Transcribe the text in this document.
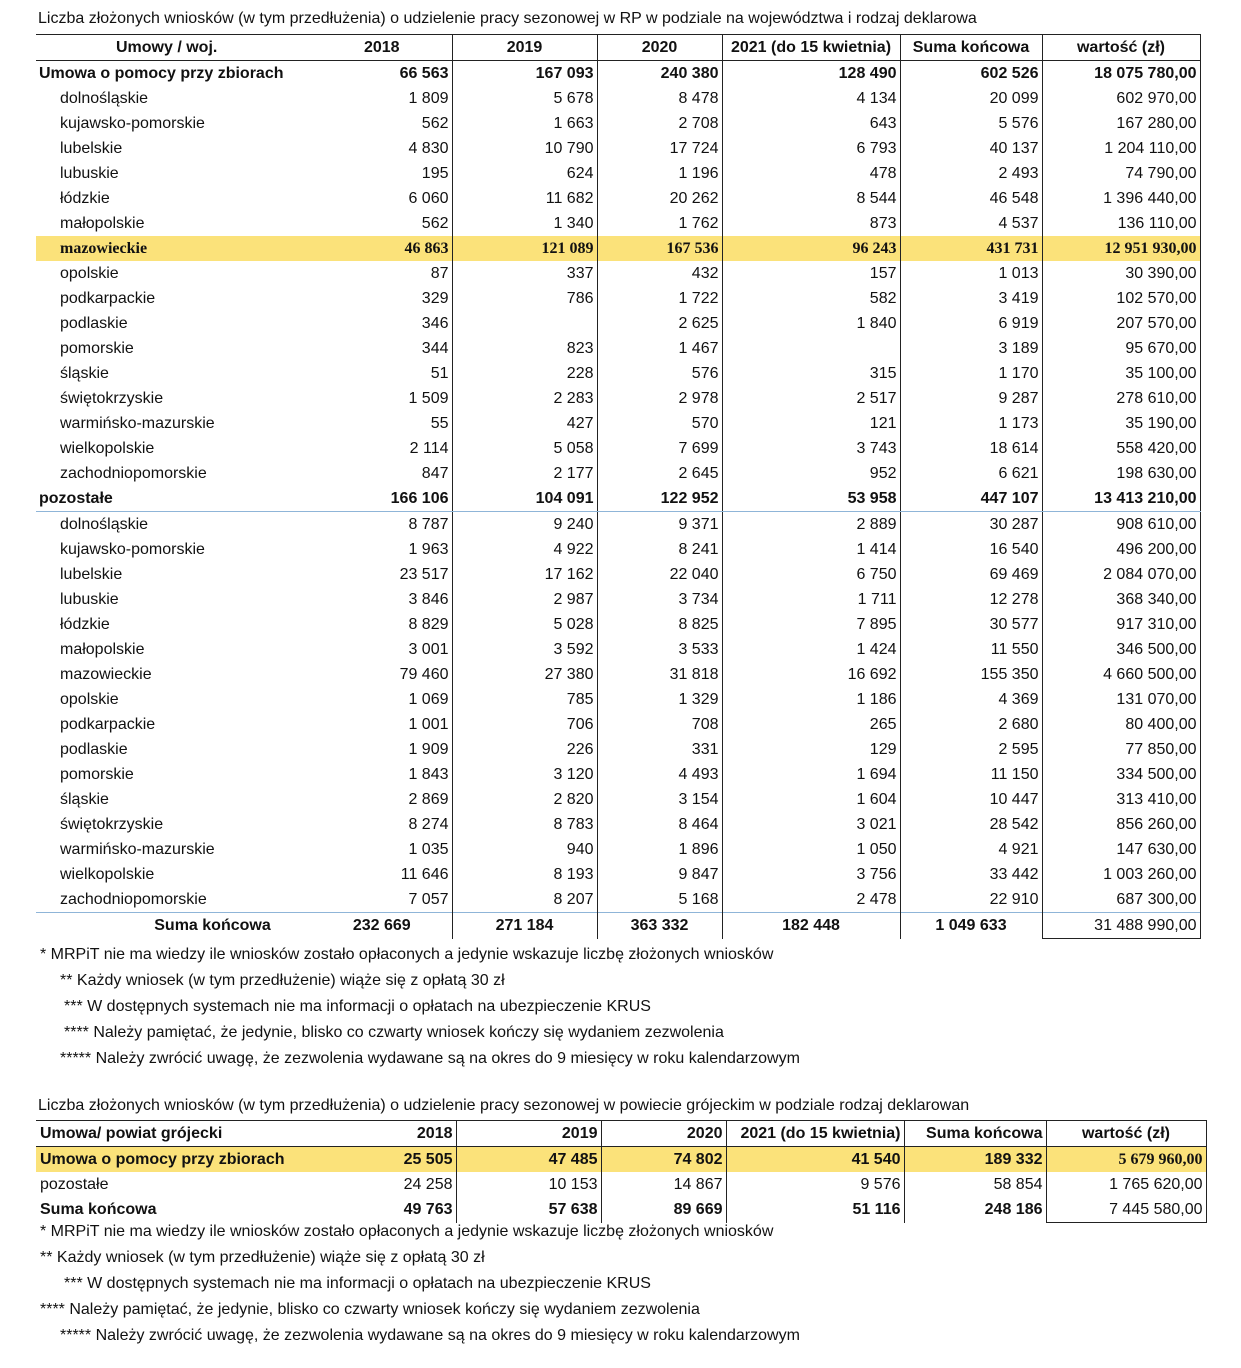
Liczba złożonych wniosków (w tym przedłużenia) o udzielenie pracy sezonowej w RP w podziale na województwa i rodzaj deklarowa
Umowy / woj.	2018	2019	2020	2021 (do 15 kwietnia)	Suma końcowa	wartość (zł)
Umowa o pomocy przy zbiorach	66 563	167 093	240 380	128 490	602 526	18 075 780,00
dolnośląskie	1 809	5 678	8 478	4 134	20 099	602 970,00
kujawsko-pomorskie	562	1 663	2 708	643	5 576	167 280,00
lubelskie	4 830	10 790	17 724	6 793	40 137	1 204 110,00
lubuskie	195	624	1 196	478	2 493	74 790,00
łódzkie	6 060	11 682	20 262	8 544	46 548	1 396 440,00
małopolskie	562	1 340	1 762	873	4 537	136 110,00
mazowieckie	46 863	121 089	167 536	96 243	431 731	12 951 930,00
opolskie	87	337	432	157	1 013	30 390,00
podkarpackie	329	786	1 722	582	3 419	102 570,00
podlaskie	346		2 625	1 840	6 919	207 570,00
pomorskie	344	823	1 467		3 189	95 670,00
śląskie	51	228	576	315	1 170	35 100,00
świętokrzyskie	1 509	2 283	2 978	2 517	9 287	278 610,00
warmińsko-mazurskie	55	427	570	121	1 173	35 190,00
wielkopolskie	2 114	5 058	7 699	3 743	18 614	558 420,00
zachodniopomorskie	847	2 177	2 645	952	6 621	198 630,00
pozostałe	166 106	104 091	122 952	53 958	447 107	13 413 210,00
dolnośląskie	8 787	9 240	9 371	2 889	30 287	908 610,00
kujawsko-pomorskie	1 963	4 922	8 241	1 414	16 540	496 200,00
lubelskie	23 517	17 162	22 040	6 750	69 469	2 084 070,00
lubuskie	3 846	2 987	3 734	1 711	12 278	368 340,00
łódzkie	8 829	5 028	8 825	7 895	30 577	917 310,00
małopolskie	3 001	3 592	3 533	1 424	11 550	346 500,00
mazowieckie	79 460	27 380	31 818	16 692	155 350	4 660 500,00
opolskie	1 069	785	1 329	1 186	4 369	131 070,00
podkarpackie	1 001	706	708	265	2 680	80 400,00
podlaskie	1 909	226	331	129	2 595	77 850,00
pomorskie	1 843	3 120	4 493	1 694	11 150	334 500,00
śląskie	2 869	2 820	3 154	1 604	10 447	313 410,00
świętokrzyskie	8 274	8 783	8 464	3 021	28 542	856 260,00
warmińsko-mazurskie	1 035	940	1 896	1 050	4 921	147 630,00
wielkopolskie	11 646	8 193	9 847	3 756	33 442	1 003 260,00
zachodniopomorskie	7 057	8 207	5 168	2 478	22 910	687 300,00
Suma końcowa	232 669	271 184	363 332	182 448	1 049 633	31 488 990,00
* MRPiT nie ma wiedzy ile wniosków zostało opłaconych a jedynie wskazuje liczbę złożonych wniosków
** Każdy wniosek (w tym przedłużenie) wiąże się z opłatą 30 zł
*** W dostępnych systemach nie ma informacji o opłatach na ubezpieczenie KRUS
**** Należy pamiętać, że jedynie, blisko co czwarty wniosek kończy się wydaniem zezwolenia
***** Należy zwrócić uwagę, że zezwolenia wydawane są na okres do 9 miesięcy w roku kalendarzowym
Liczba złożonych wniosków (w tym przedłużenia) o udzielenie pracy sezonowej w powiecie grójeckim w podziale rodzaj deklarowan
Umowa/ powiat grójecki	2018	2019	2020	2021 (do 15 kwietnia)	Suma końcowa	wartość (zł)
Umowa o pomocy przy zbiorach	25 505	47 485	74 802	41 540	189 332	5 679 960,00
pozostałe	24 258	10 153	14 867	9 576	58 854	1 765 620,00
Suma końcowa	49 763	57 638	89 669	51 116	248 186	7 445 580,00
* MRPiT nie ma wiedzy ile wniosków zostało opłaconych a jedynie wskazuje liczbę złożonych wniosków
** Każdy wniosek (w tym przedłużenie) wiąże się z opłatą 30 zł
*** W dostępnych systemach nie ma informacji o opłatach na ubezpieczenie KRUS
**** Należy pamiętać, że jedynie, blisko co czwarty wniosek kończy się wydaniem zezwolenia
***** Należy zwrócić uwagę, że zezwolenia wydawane są na okres do 9 miesięcy w roku kalendarzowym
